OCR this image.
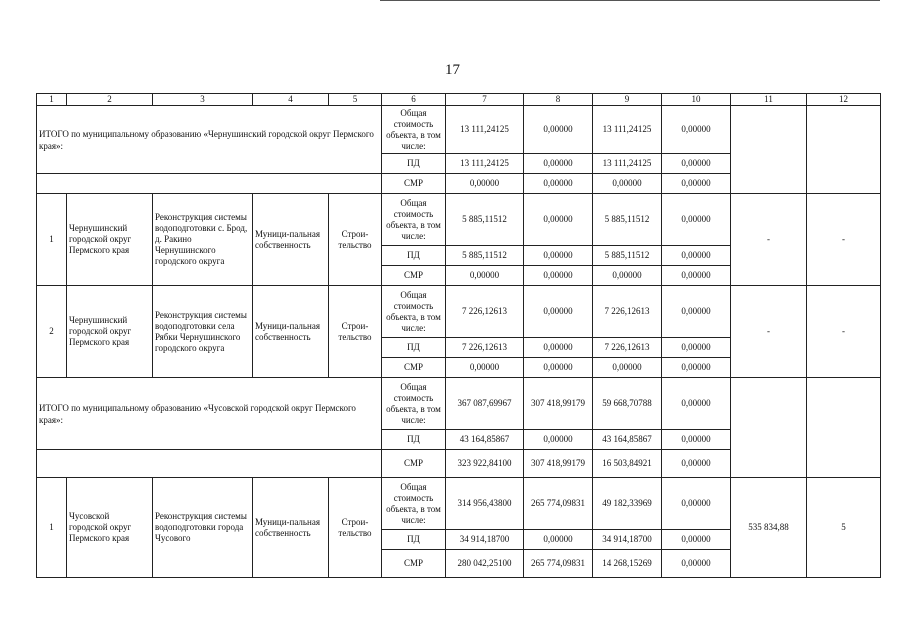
17
1	2	3	4	5	6	7	8	9	10	11	12
ИТОГО по муниципальному образованию «Чернушинский городской округ Пермского края»:					Общая стоимость объекта, в том числе:	13 111,24125	0,00000	13 111,24125	0,00000		
					ПД	13 111,24125	0,00000	13 111,24125	0,00000		
					СМР	0,00000	0,00000	0,00000	0,00000		
1	Чернушинский городской округ Пермского края	Реконструкция системы водоподготовки с. Брод, д. Ракино Чернушинского городского округа	Муници-пальная собственность	Строи-тельство	Общая стоимость объекта, в том числе:	5 885,11512	0,00000	5 885,11512	0,00000	-	-
					ПД	5 885,11512	0,00000	5 885,11512	0,00000		
					СМР	0,00000	0,00000	0,00000	0,00000		
2	Чернушинский городской округ Пермского края	Реконструкция системы водоподготовки села Рябки Чернушинского городского округа	Муници-пальная собственность	Строи-тельство	Общая стоимость объекта, в том числе:	7 226,12613	0,00000	7 226,12613	0,00000	-	-
					ПД	7 226,12613	0,00000	7 226,12613	0,00000		
					СМР	0,00000	0,00000	0,00000	0,00000		
ИТОГО по муниципальному образованию «Чусовской городской округ Пермского края»:					Общая стоимость объекта, в том числе:	367 087,69967	307 418,99179	59 668,70788	0,00000		
					ПД	43 164,85867	0,00000	43 164,85867	0,00000		
					СМР	323 922,84100	307 418,99179	16 503,84921	0,00000		
1	Чусовской городской округ Пермского края	Реконструкция системы водоподготовки города Чусового	Муници-пальная собственность	Строи-тельство	Общая стоимость объекта, в том числе:	314 956,43800	265 774,09831	49 182,33969	0,00000	535 834,88	5
					ПД	34 914,18700	0,00000	34 914,18700	0,00000		
					СМР	280 042,25100	265 774,09831	14 268,15269	0,00000		
